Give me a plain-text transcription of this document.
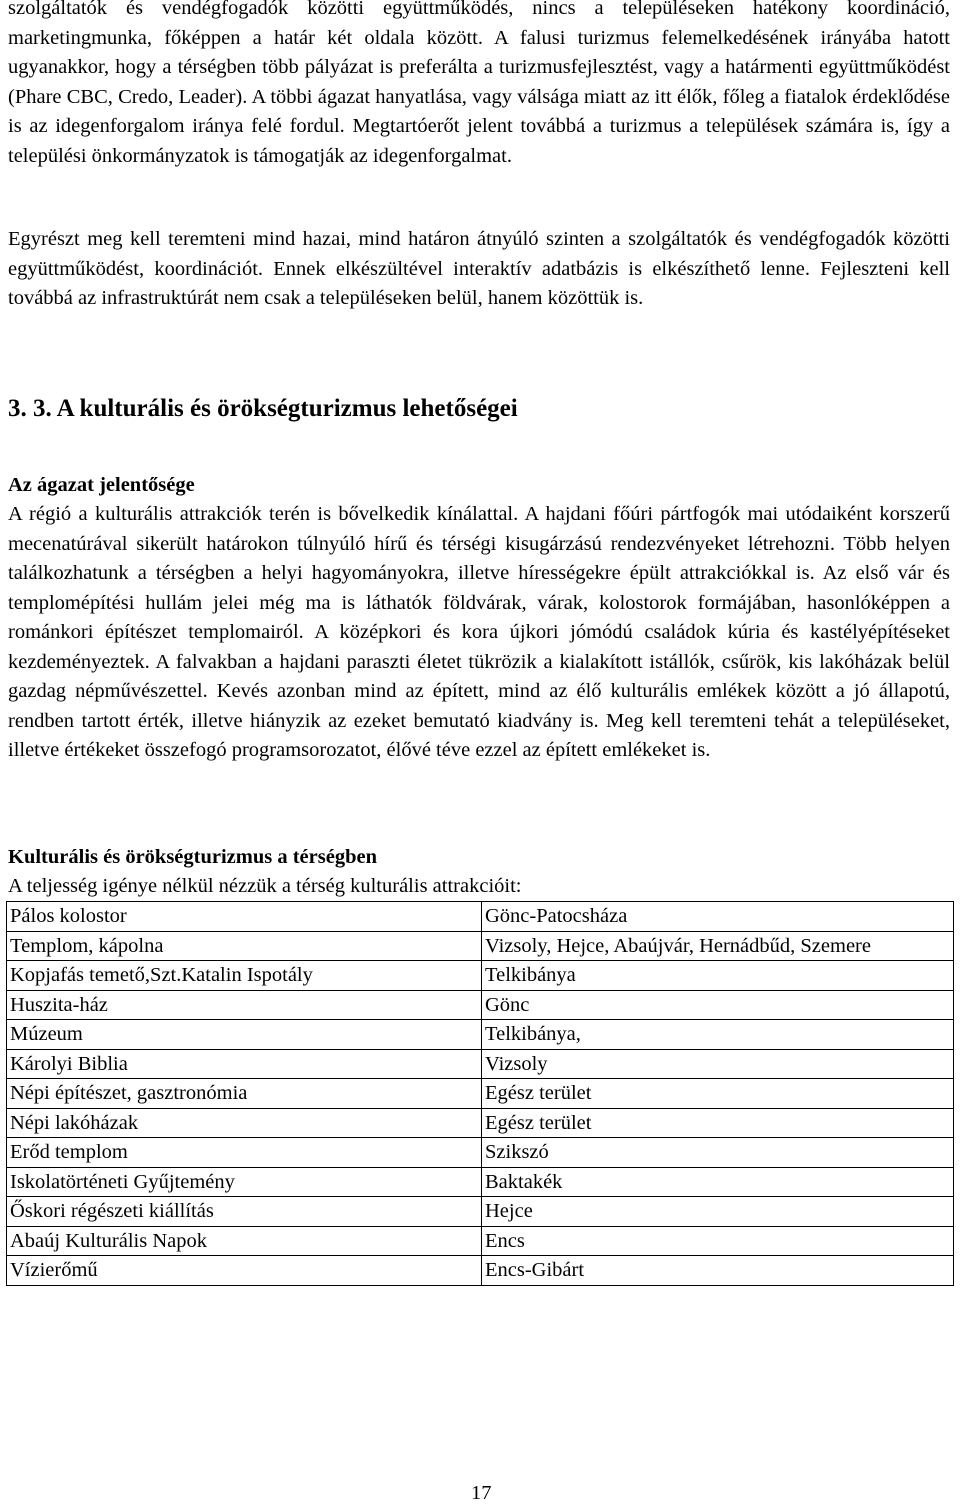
szolgáltatók és vendégfogadók közötti együttműködés, nincs a településeken hatékony koordináció, marketingmunka, főképpen a határ két oldala között. A falusi turizmus felemelkedésének irányába hatott ugyanakkor, hogy a térségben több pályázat is preferálta a turizmusfejlesztést, vagy a határmenti együttműködést (Phare CBC, Credo, Leader). A többi ágazat hanyatlása, vagy válsága miatt az itt élők, főleg a fiatalok érdeklődése is az idegenforgalom iránya felé fordul. Megtartóerőt jelent továbbá a turizmus a települések számára is, így a települési önkormányzatok is támogatják az idegenforgalmat.

Egyrészt meg kell teremteni mind hazai, mind határon átnyúló szinten a szolgáltatók és vendégfogadók közötti együttműködést, koordinációt. Ennek elkészültével interaktív adatbázis is elkészíthető lenne. Fejleszteni kell továbbá az infrastruktúrát nem csak a településeken belül, hanem közöttük is.

3. 3. A kulturális és örökségturizmus lehetőségei
Az ágazat jelentősége

A régió a kulturális attrakciók terén is bővelkedik kínálattal. A hajdani főúri pártfogók mai utódaiként korszerű mecenatúrával sikerült határokon túlnyúló hírű és térségi kisugárzású rendezvényeket létrehozni. Több helyen találkozhatunk a térségben a helyi hagyományokra, illetve hírességekre épült attrakciókkal is. Az első vár és templomépítési hullám jelei még ma is láthatók földvárak, várak, kolostorok formájában, hasonlóképpen a románkori építészet templomairól. A középkori és kora újkori jómódú családok kúria és kastélyépítéseket kezdeményeztek. A falvakban a hajdani paraszti életet tükrözik a kialakított istállók, csűrök, kis lakóházak belül gazdag népművészettel. Kevés azonban mind az épített, mind az élő kulturális emlékek között a jó állapotú, rendben tartott érték, illetve hiányzik az ezeket bemutató kiadvány is. Meg kell teremteni tehát a településeket, illetve értékeket összefogó programsorozatot, élővé téve ezzel az épített emlékeket is.

Kulturális és örökségturizmus a térségben

A teljesség igénye nélkül nézzük a térség kulturális attrakcióit:

Pálos kolostor	Gönc-Patocsháza
Templom, kápolna	Vizsoly, Hejce, Abaújvár, Hernádbűd, Szemere
Kopjafás temető,Szt.Katalin Ispotály	Telkibánya
Huszita-ház	Gönc
Múzeum	Telkibánya,
Károlyi Biblia	Vizsoly
Népi építészet, gasztronómia	Egész terület
Népi lakóházak	Egész terület
Erőd templom	Szikszó
Iskolatörténeti Gyűjtemény	Baktakék
Őskori régészeti kiállítás	Hejce
Abaúj Kulturális Napok	Encs
Vízierőmű	Encs-Gibárt
17
